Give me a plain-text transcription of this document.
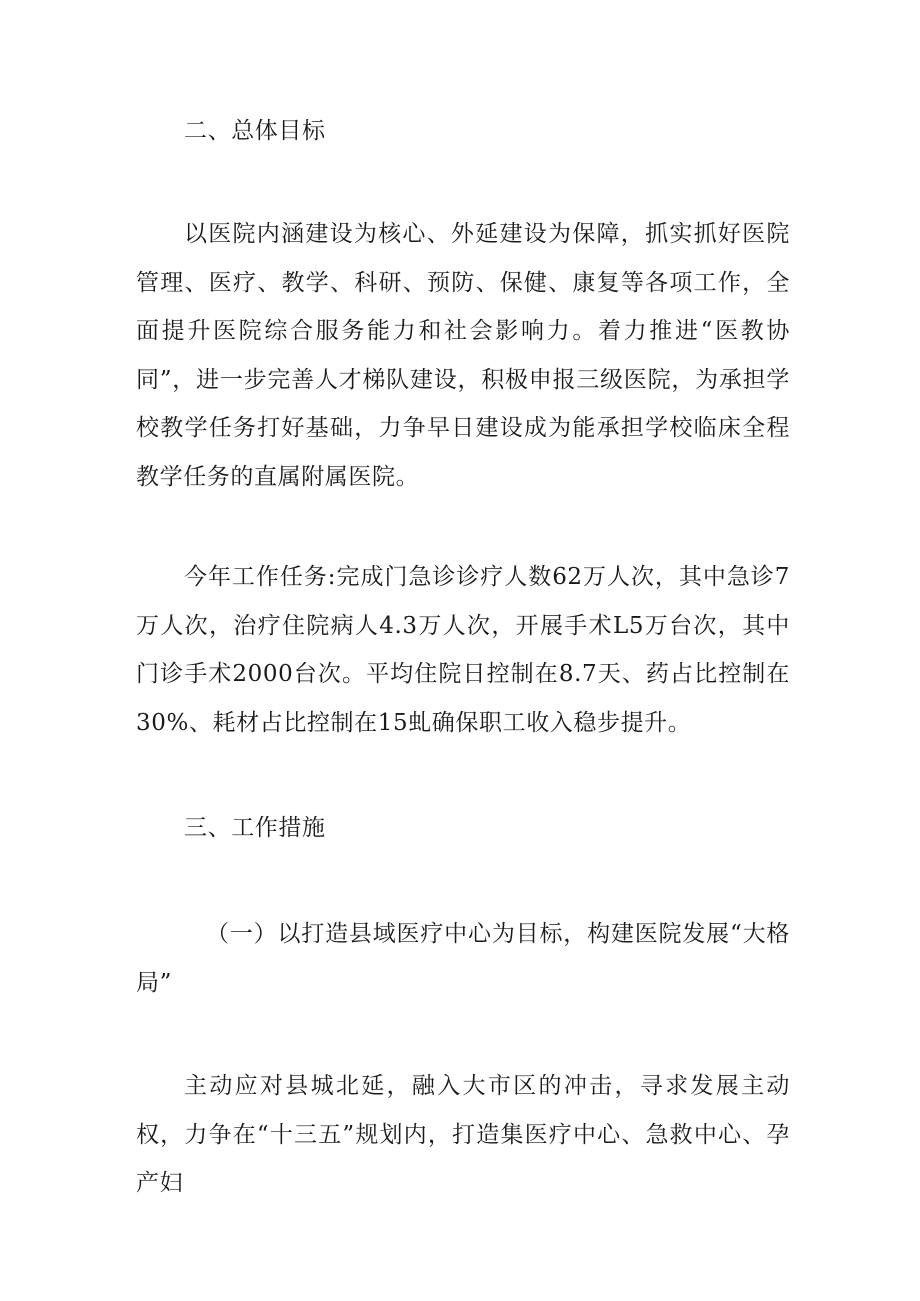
二、总体目标

以医院内涵建设为核心、外延建设为保障，抓实抓好医院管理、医疗、教学、科研、预防、保健、康复等各项工作，全面提升医院综合服务能力和社会影响力。着力推进“医教协同”，进一步完善人才梯队建设，积极申报三级医院，为承担学校教学任务打好基础，力争早日建设成为能承担学校临床全程教学任务的直属附属医院。

今年工作任务:完成门急诊诊疗人数62万人次，其中急诊7万人次，治疗住院病人4.3万人次，开展手术L5万台次，其中门诊手术2000台次。平均住院日控制在8.7天、药占比控制在30%、耗材占比控制在15虬确保职工收入稳步提升。

三、工作措施

（一）以打造县域医疗中心为目标，构建医院发展“大格局”

主动应对县城北延，融入大市区的冲击，寻求发展主动权，力争在“十三五”规划内，打造集医疗中心、急救中心、孕产妇
